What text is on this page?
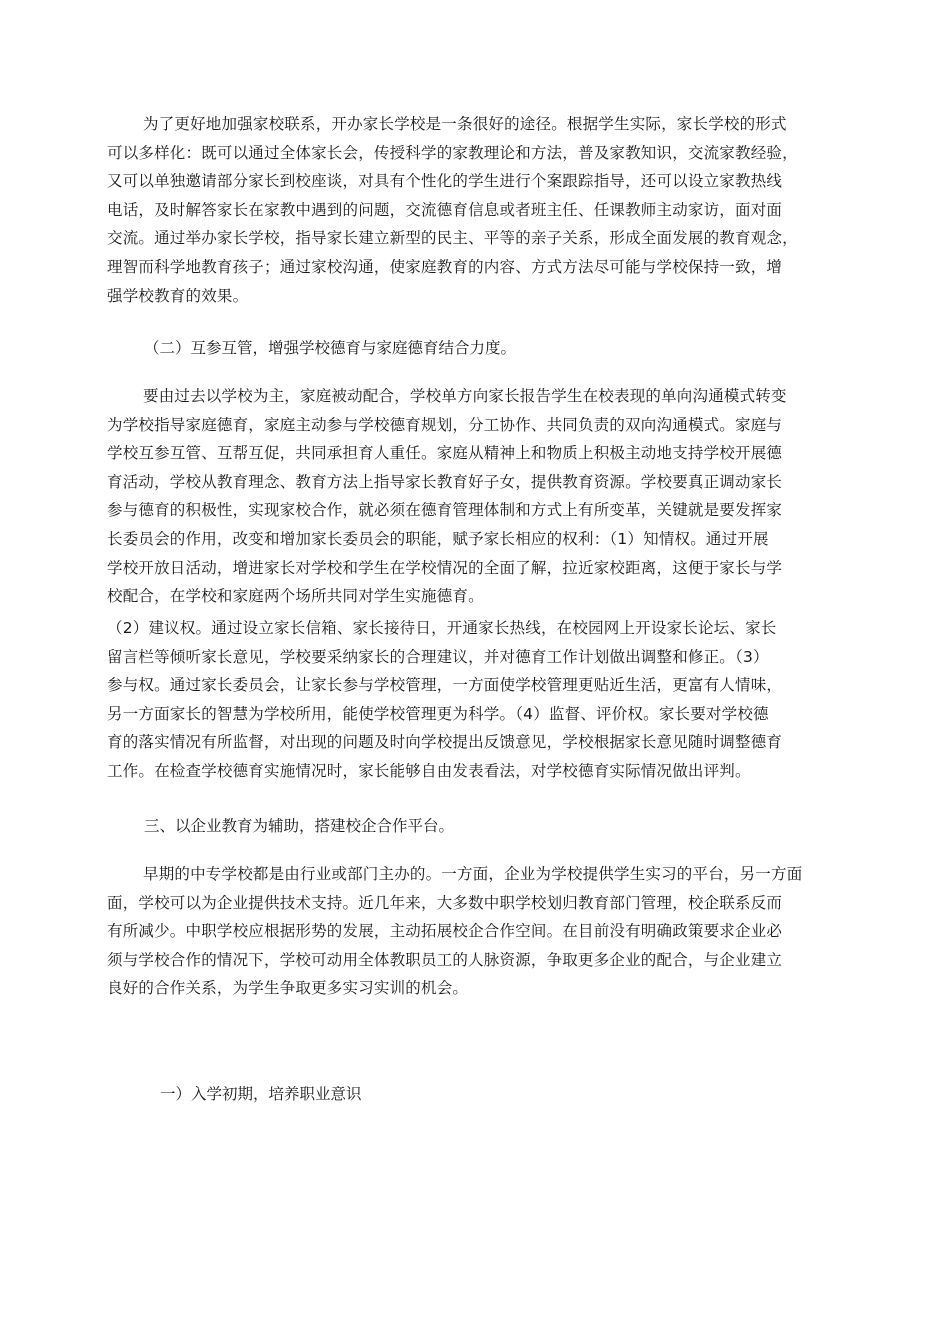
为了更好地加强家校联系，开办家长学校是一条很好的途径。根据学生实际，家长学校的形式
可以多样化：既可以通过全体家长会，传授科学的家教理论和方法，普及家教知识，交流家教经验，
又可以单独邀请部分家长到校座谈，对具有个性化的学生进行个案跟踪指导，还可以设立家教热线
电话，及时解答家长在家教中遇到的问题，交流德育信息或者班主任、任课教师主动家访，面对面
交流。通过举办家长学校，指导家长建立新型的民主、平等的亲子关系，形成全面发展的教育观念，
理智而科学地教育孩子；通过家校沟通，使家庭教育的内容、方式方法尽可能与学校保持一致，增
强学校教育的效果。
（二）互参互管，增强学校德育与家庭德育结合力度。
要由过去以学校为主，家庭被动配合，学校单方向家长报告学生在校表现的单向沟通模式转变
为学校指导家庭德育，家庭主动参与学校德育规划，分工协作、共同负责的双向沟通模式。家庭与
学校互参互管、互帮互促，共同承担育人重任。家庭从精神上和物质上积极主动地支持学校开展德
育活动，学校从教育理念、教育方法上指导家长教育好子女，提供教育资源。学校要真正调动家长
参与德育的积极性，实现家校合作，就必须在德育管理体制和方式上有所变革，关键就是要发挥家
长委员会的作用，改变和增加家长委员会的职能，赋予家长相应的权利：（1）知情权。通过开展
学校开放日活动，增进家长对学校和学生在学校情况的全面了解，拉近家校距离，这便于家长与学
校配合，在学校和家庭两个场所共同对学生实施德育。
（2）建议权。通过设立家长信箱、家长接待日，开通家长热线，在校园网上开设家长论坛、家长
留言栏等倾听家长意见，学校要采纳家长的合理建议，并对德育工作计划做出调整和修正。（3）
参与权。通过家长委员会，让家长参与学校管理，一方面使学校管理更贴近生活，更富有人情味，
另一方面家长的智慧为学校所用，能使学校管理更为科学。（4）监督、评价权。家长要对学校德
育的落实情况有所监督，对出现的问题及时向学校提出反馈意见，学校根据家长意见随时调整德育
工作。在检查学校德育实施情况时，家长能够自由发表看法，对学校德育实际情况做出评判。
三、以企业教育为辅助，搭建校企合作平台。
早期的中专学校都是由行业或部门主办的。一方面，企业为学校提供学生实习的平台，另一方面
面，学校可以为企业提供技术支持。近几年来，大多数中职学校划归教育部门管理，校企联系反而
有所减少。中职学校应根据形势的发展，主动拓展校企合作空间。在目前没有明确政策要求企业必
须与学校合作的情况下，学校可动用全体教职员工的人脉资源，争取更多企业的配合，与企业建立
良好的合作关系，为学生争取更多实习实训的机会。
一）入学初期，培养职业意识
